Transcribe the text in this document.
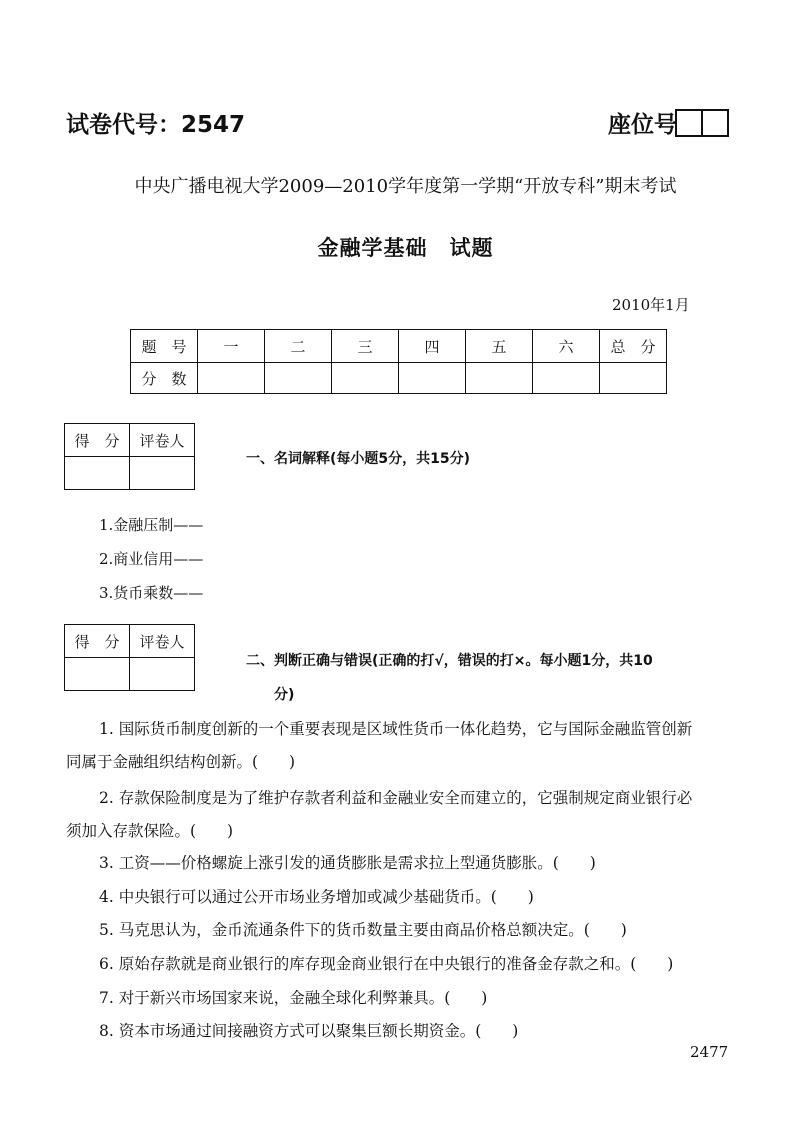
试卷代号：2547	座位号
中央广播电视大学2009—2010学年度第一学期“开放专科”期末考试
金融学基础　试题
2010年1月
题　号	一	二	三	四	五	六	总　分
分　数							
得　分	评卷人

一、名词解释(每小题5分，共15分)
1.金融压制——
2.商业信用——
3.货币乘数——
得　分	评卷人

二、判断正确与错误(正确的打√，错误的打×。每小题1分，共10
分)
1. 国际货币制度创新的一个重要表现是区域性货币一体化趋势，它与国际金融监管创新
同属于金融组织结构创新。(　　)
2. 存款保险制度是为了维护存款者利益和金融业安全而建立的，它强制规定商业银行必
须加入存款保险。(　　)
3. 工资——价格螺旋上涨引发的通货膨胀是需求拉上型通货膨胀。(　　)
4. 中央银行可以通过公开市场业务增加或减少基础货币。(　　)
5. 马克思认为，金币流通条件下的货币数量主要由商品价格总额决定。(　　)
6. 原始存款就是商业银行的库存现金商业银行在中央银行的准备金存款之和。(　　)
7. 对于新兴市场国家来说，金融全球化利弊兼具。(　　)
8. 资本市场通过间接融资方式可以聚集巨额长期资金。(　　)
2477
